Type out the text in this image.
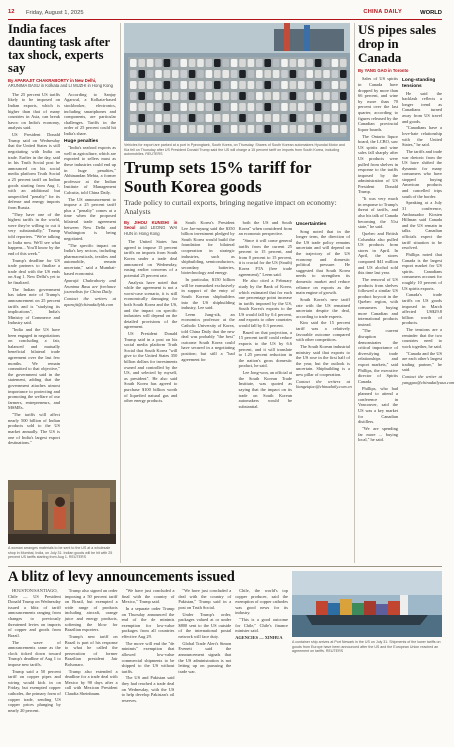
12 Friday, August 1, 2025	CHINA DAILY	WORLD
India faces daunting task after tax shock, experts say
By APARAJIT CHAKRABORTY in New Delhi, ARUNIMA BASU in Kolkata and LI MUZHI in Hong Kong

The 25 percent US tariffs likely to be imposed on Indian exports, which is higher than that of many countries in Asia, can break havoc on India's economy, analysts said.

US President Donald Trump said on Wednesday that the United States is still negotiating with India on trade. Earlier in the day, said in his Truth Social post he announced on his social media platform Truth Social a 25 percent tariff on Indian goods starting from Aug 1, with an additional but unspecified "penalty" for its defense and energy imports from Russia.

"They have one of the highest tariffs in the world, were they're willing to cut it very substantially," Trump told reporters. "We're talking to India now. We'll see what happens... You'll know by the end of this week."

Trump's deadline for US trade partners to finalize a trade deal with the US ends on Aug 1. New Delhi's yet to be finalized.

The Indian government has taken note of Trump's announcement on 25 percent tariffs and is "studying its implications", India's Ministry of Commerce and Industry said.

"India and the US have been engaged in negotiations on concluding a fair, balanced and mutually beneficial bilateral trade agreement over the last few months. We remain committed to that objective," the government said in the statement, adding that the government attaches utmost importance to protecting and promoting the welfare of our farmers, entrepreneurs, and MSMEs.

"The tariffs will affect nearly 500 billion of Indian products sold to the US market annually. The US is one of India's largest export destinations."

According to Sanjay Agarwal, a Kolkata-based stockbroker, electronics, including smartphones and components, are particular challenges. Tariffs in the order of 25 percent could hit India's share.

Huge penalties

"India's seafood exports as well as agriculture, which are exported to sellers must as these industries could end up in huge penalties," Abhinandan Mehta, a former professor at the Indian Institute of Management Calcutta, told China Daily.

The US announcement to impose a 25 percent tariff plus a "penalty" comes at a time when the proposed bilateral trade agreement between New Delhi and Washington is being negotiated.

"The specific impact on India's key sectors, including pharmaceuticals, textiles and automobile, remain uncertain," said a Mumbai-based economist.

Aparajit Chakraborty and Arunima Basu are freelance journalists for China Daily.

Contact the writers at aparajit@chinadailyhk.com

A woman arranges materials to be sent to the US at a wholesale shop in Mumbai, India, on July 31. Indian goods will be hit with 25 percent US tariffs starting from Aug 1. REUTERS
Vehicles for export are parked at a port in Pyeongtaek, South Korea, on Thursday. Shares of South Korean automakers Hyundai Motor and Kia fell on Thursday after US President Donald Trump said the US will charge a 15 percent tariff on imports from South Korea, including automobiles. REUTERS
Trump sets 15% tariff for South Korea goods
Trade policy to curtail exports, bringing negative impact on economy: Analysts
By JIHOU KUNISHI in Seoul and LEONG WAI HUN in Hong Kong

The United States has agreed to impose 15 percent tariffs on imports from South Korea under a trade deal announced on Wednesday, easing earlier concerns of a potential 25 percent rate.

Analysts have noted that while the agreement is not a worst-case scenario, it is still economically damaging for both South Korea and the US, and the impact on specific industries will depend on the detailed provisions of the agreement.

US President Donald Trump said in a post on his social media platform Truth Social that South Korea "will give to the United States 350 billion dollars for investments owned and controlled by the US, and selected by myself, as president". He also said South Korea has agreed to purchase $100 billion worth of liquefied natural gas and other energy products.

South Korea's President Lee Jae-myung said the $350 billion investment pledged by South Korea would build the foundation for bilateral cooperation in strategic industries, such as shipbuilding, semiconductors, secondary batteries, biotechnology and energy.

In particular, $150 billion will be earmarked exclusively in support of the entry of South Korean shipbuilders into the US shipbuilding industry, Lee said.

Leem Jung-sik, an economics professor at the Catholic University of Korea, told China Daily that the new deal was probably "the best" outcome South Korea could have secured in a negotiating position; but still a "bad agreement for

both the US and South Korea" when considered from an economic perspective.

"Since it will come general tariffs from the current 25 percent to 15 percent, and from 0 percent to 15 percent, it is crucial for the US (South) Korea FTA (free trade agreement)," Leem said.

He also cited a February study by the Bank of Korea, which estimated that for each one percentage point increase in tariffs imposed by the US, South Korea's exports to the US would fall by 0.4 percent, and exports to other countries would fall by 0.3 percent.

Based on that projection, a 15 percent tariff could reduce exports to the US by 6.6 percent, and it will translate to 1.25 percent reduction in the nation's gross domestic product, he said.

Lee Jong-won, an official at the South Korean Trade Institute, was quoted as saying that the impact on its trade on South Korean automakers would be substantial.

Uncertainties

Song noted that in the longer term, the direction of the US trade policy remains uncertain and will depend on the trajectory of the US economy and domestic political pressure. He suggested that South Korea needs to strengthen its domestic market and reduce reliance on exports as the main engine of growth.

South Korea's new tariff rate with the US remained uncertain despite the deal, according to trade experts.

Kim said the 15 percent tariff was a relatively favorable outcome compared with other competitors.

The South Korean industrial ministry said that exports to the US rose in the first half of the year, but the outlook is uncertain. Shipbuilding is a new pillar of cooperation.

Contact the writers at liangziqiao@chinadaily.com.cn

US pipes sales drop in Canada
By YANG GAO in Toronto

Sales of US spirits in Canada have dropped by more than 66 percent, and wine by more than 70 percent over the last quarter, according to figures released by the Canadian provincial liquor boards.

The Ontario liquor board, the LCBO, saw US spirits and wine sales fall sharply after US products were pulled from shelves in response to the tariffs imposed by the administration of US President Donald Trump.

"It was very much in response to Trump's threat of tariffs, and also his talk of Canada becoming the 51st state," he said.

Quebec and British Columbia also pulled US products from stores in April. In April, the stores compared $41 million and US alcohol sold this time last year.

The removal of US products from shelves followed a similar US product boycott in the Quebec region, with consumers buying more Canadian and international products instead.

"The current disruption demonstrates the critical importance of diversifying trade relationships and export markets," said Phillips, the executive director of Spirits Canada.

Phillips, who had planned to attend a conference in Vancouver, said the US was a key market for Canadian distillers.

"We are spending far more ... buying local," he said.

Long-standing tensions

He said the backlash reflects a longer trend as Canadians turned away from US travel and goods.

"Canadians have a love-hate relationship with the United States," he said.

The tariffs and trade war rhetoric from the US have shifted the dynamic for many consumers who have stopped buying American products and cancelled trips south of the border.

Speaking at a July 31 conference, Ambassador Kirsten Hillman said Canada and the US remain in talks. Canadian officials expect the tariff situation to be resolved.

Phillips noted that Canada is the largest export market for US spirits. Canadians consumers account for roughly 10 percent of US spirits exports.

Canada's trade tariffs on US goods imposed in March affected US$29.8 billion worth of products.

The tensions are a reminder that the two countries need to work together, he said.

"Canada and the US are each other's largest trading partner," he said.

Contact the writer at yanggao@chinadailyusa.com

A blitz of levy announcements issued

HOUSTON/SANTIAGO, Chile — US President Donald Trump on Wednesday issued a blitz of tariff announcements ranging from changes to previously threatened levies on imports of copper and goods from Brazil.

The wave of announcements came as the clock ticked down toward Trump's deadline of Aug 1 to impose new tariffs.

Trump said a 50 percent tariff on copper pipes and wiring would kick in on Friday, but exempted copper cathodes, the primary form of copper trade, sending US copper prices plunging by nearly 20 percent.

Trump also signed an order imposing a 50 percent tariff on Brazil, but exempted a wide range of products including aircraft, orange juice and energy products, softening the blow for Brazilian exporters.

Trump's new tariff on Brazil is part of his response to what he called the persecution of former Brazilian president Jair Bolsonaro.

Trump also extended a deadline for a trade deal with Mexico by 90 days after a call with Mexican President Claudia Sheinbaum.

"We have just concluded a final with the country of Mexico," Trump said.

In a separate order Trump on Thursday announced the end of the de minimis exemption for low-value packages from all countries effective Aug 29.

The move will end the "de minimis" exemption that allowed low-value commercial shipments to be shipped to the US without tariffs.

The US and Pakistan said they had reached a trade deal on Wednesday, with the US to help develop Pakistan's oil reserves.

"We have just concluded a deal with the country of Pakistan," Trump said in a post on Truth Social.

Under Trump's order, packages valued at or under $800 sent to the US outside of the international postal network will face duty.

Global Trade Alert's Simon Evenett said the announcement signals that the US administration is not letting up on pursuing the trade war.

Chile, the world's top copper producer, said the exemption of copper cathodes was good news for its industry.

"This is a good outcome for Chile," Chile's finance minister said.

AGENCIES — XINHUA

A container ship arrives at Port Newark in the US on July 31. Shipments of the lower tariffs on goods from Europe have been announced after the US and the European Union reached an agreement on tariffs. REUTERS
